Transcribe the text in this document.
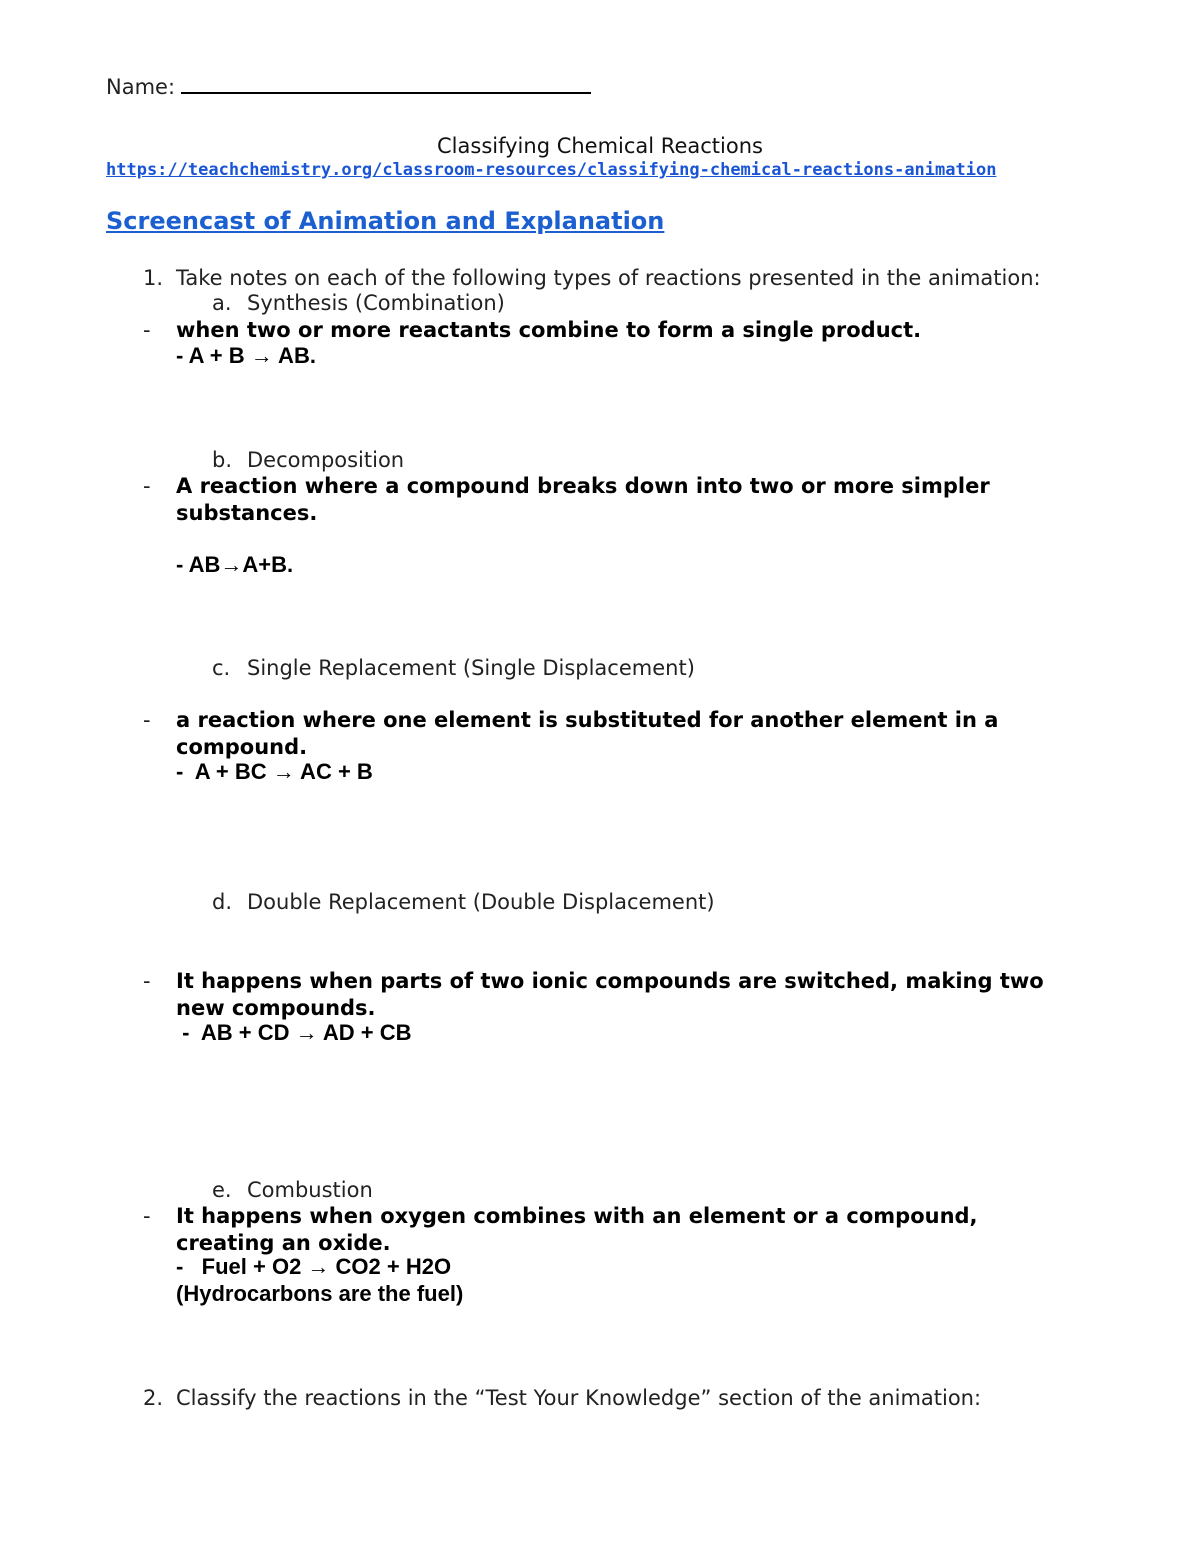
Name:
Classifying Chemical Reactions
https://teachchemistry.org/classroom-resources/classifying-chemical-reactions-animation
Screencast of Animation and Explanation
1. Take notes on each of the following types of reactions presented in the animation:
a. Synthesis (Combination)
- when two or more reactants combine to form a single product.
- A + B → AB.
b. Decomposition
- A reaction where a compound breaks down into two or more simpler
substances.
- AB→A+B.
c. Single Replacement (Single Displacement)
- a reaction where one element is substituted for another element in a
compound.
-  A + BC → AC + B
d. Double Replacement (Double Displacement)
- It happens when parts of two ionic compounds are switched, making two
new compounds.
-  AB + CD → AD + CB
e. Combustion
- It happens when oxygen combines with an element or a compound,
creating an oxide.
-   Fuel + O2 → CO2 + H2O
(Hydrocarbons are the fuel)
2. Classify the reactions in the “Test Your Knowledge” section of the animation:
